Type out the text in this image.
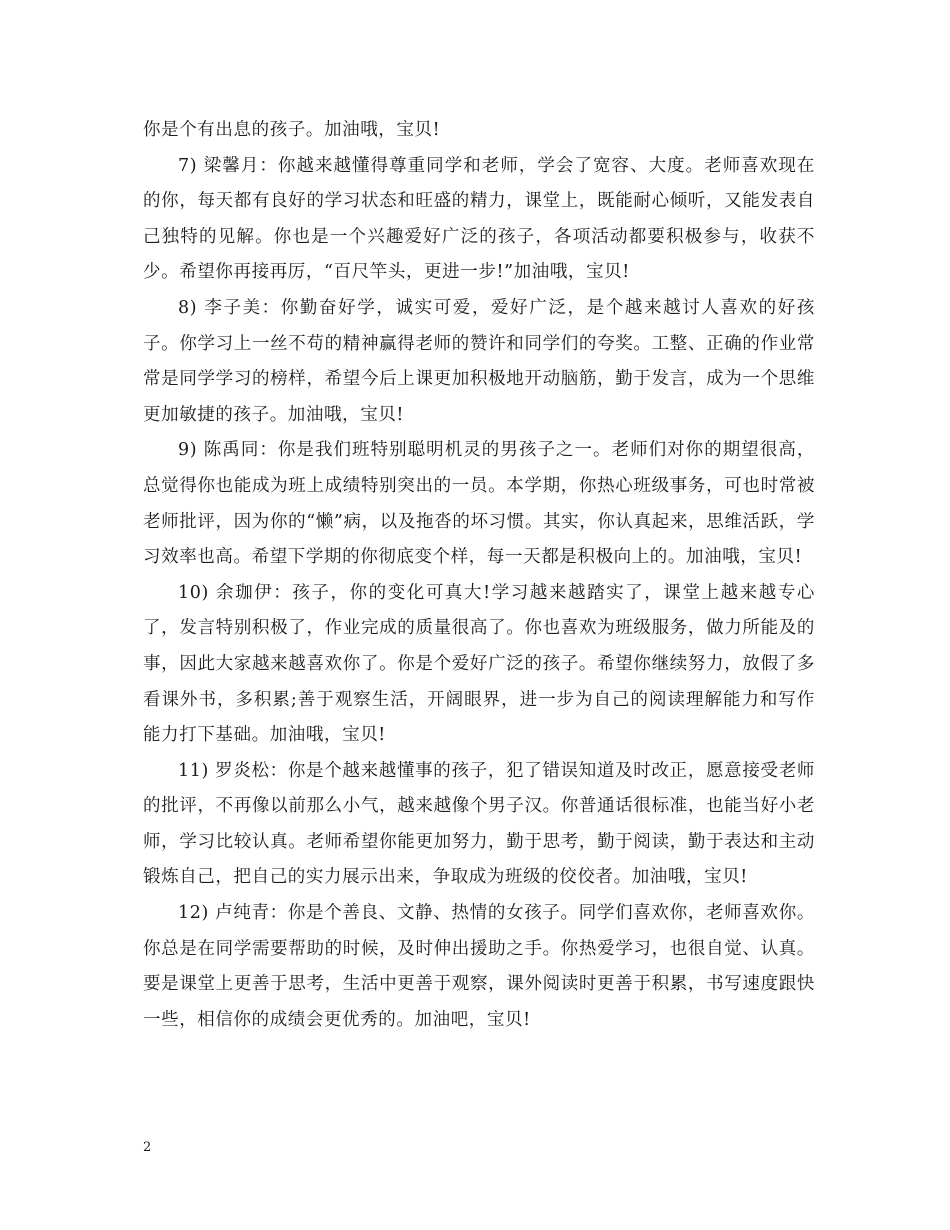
你是个有出息的孩子。加油哦，宝贝!

7) 梁馨月：你越来越懂得尊重同学和老师，学会了宽容、大度。老师喜欢现在的你，每天都有良好的学习状态和旺盛的精力，课堂上，既能耐心倾听，又能发表自己独特的见解。你也是一个兴趣爱好广泛的孩子，各项活动都要积极参与，收获不少。希望你再接再厉，“百尺竿头，更进一步!”加油哦，宝贝!

8) 李子美：你勤奋好学，诚实可爱，爱好广泛，是个越来越讨人喜欢的好孩子。你学习上一丝不苟的精神赢得老师的赞许和同学们的夸奖。工整、正确的作业常常是同学学习的榜样，希望今后上课更加积极地开动脑筋，勤于发言，成为一个思维更加敏捷的孩子。加油哦，宝贝!

9) 陈禹同：你是我们班特别聪明机灵的男孩子之一。老师们对你的期望很高，总觉得你也能成为班上成绩特别突出的一员。本学期，你热心班级事务，可也时常被老师批评，因为你的“懒”病，以及拖沓的坏习惯。其实，你认真起来，思维活跃，学习效率也高。希望下学期的你彻底变个样，每一天都是积极向上的。加油哦，宝贝!

10) 余珈伊：孩子，你的变化可真大!学习越来越踏实了，课堂上越来越专心了，发言特别积极了，作业完成的质量很高了。你也喜欢为班级服务，做力所能及的事，因此大家越来越喜欢你了。你是个爱好广泛的孩子。希望你继续努力，放假了多看课外书，多积累;善于观察生活，开阔眼界，进一步为自己的阅读理解能力和写作能力打下基础。加油哦，宝贝!

11) 罗炎松：你是个越来越懂事的孩子，犯了错误知道及时改正，愿意接受老师的批评，不再像以前那么小气，越来越像个男子汉。你普通话很标准，也能当好小老师，学习比较认真。老师希望你能更加努力，勤于思考，勤于阅读，勤于表达和主动锻炼自己，把自己的实力展示出来，争取成为班级的佼佼者。加油哦，宝贝!

12) 卢纯青：你是个善良、文静、热情的女孩子。同学们喜欢你，老师喜欢你。你总是在同学需要帮助的时候，及时伸出援助之手。你热爱学习，也很自觉、认真。要是课堂上更善于思考，生活中更善于观察，课外阅读时更善于积累，书写速度跟快一些，相信你的成绩会更优秀的。加油吧，宝贝!

2
